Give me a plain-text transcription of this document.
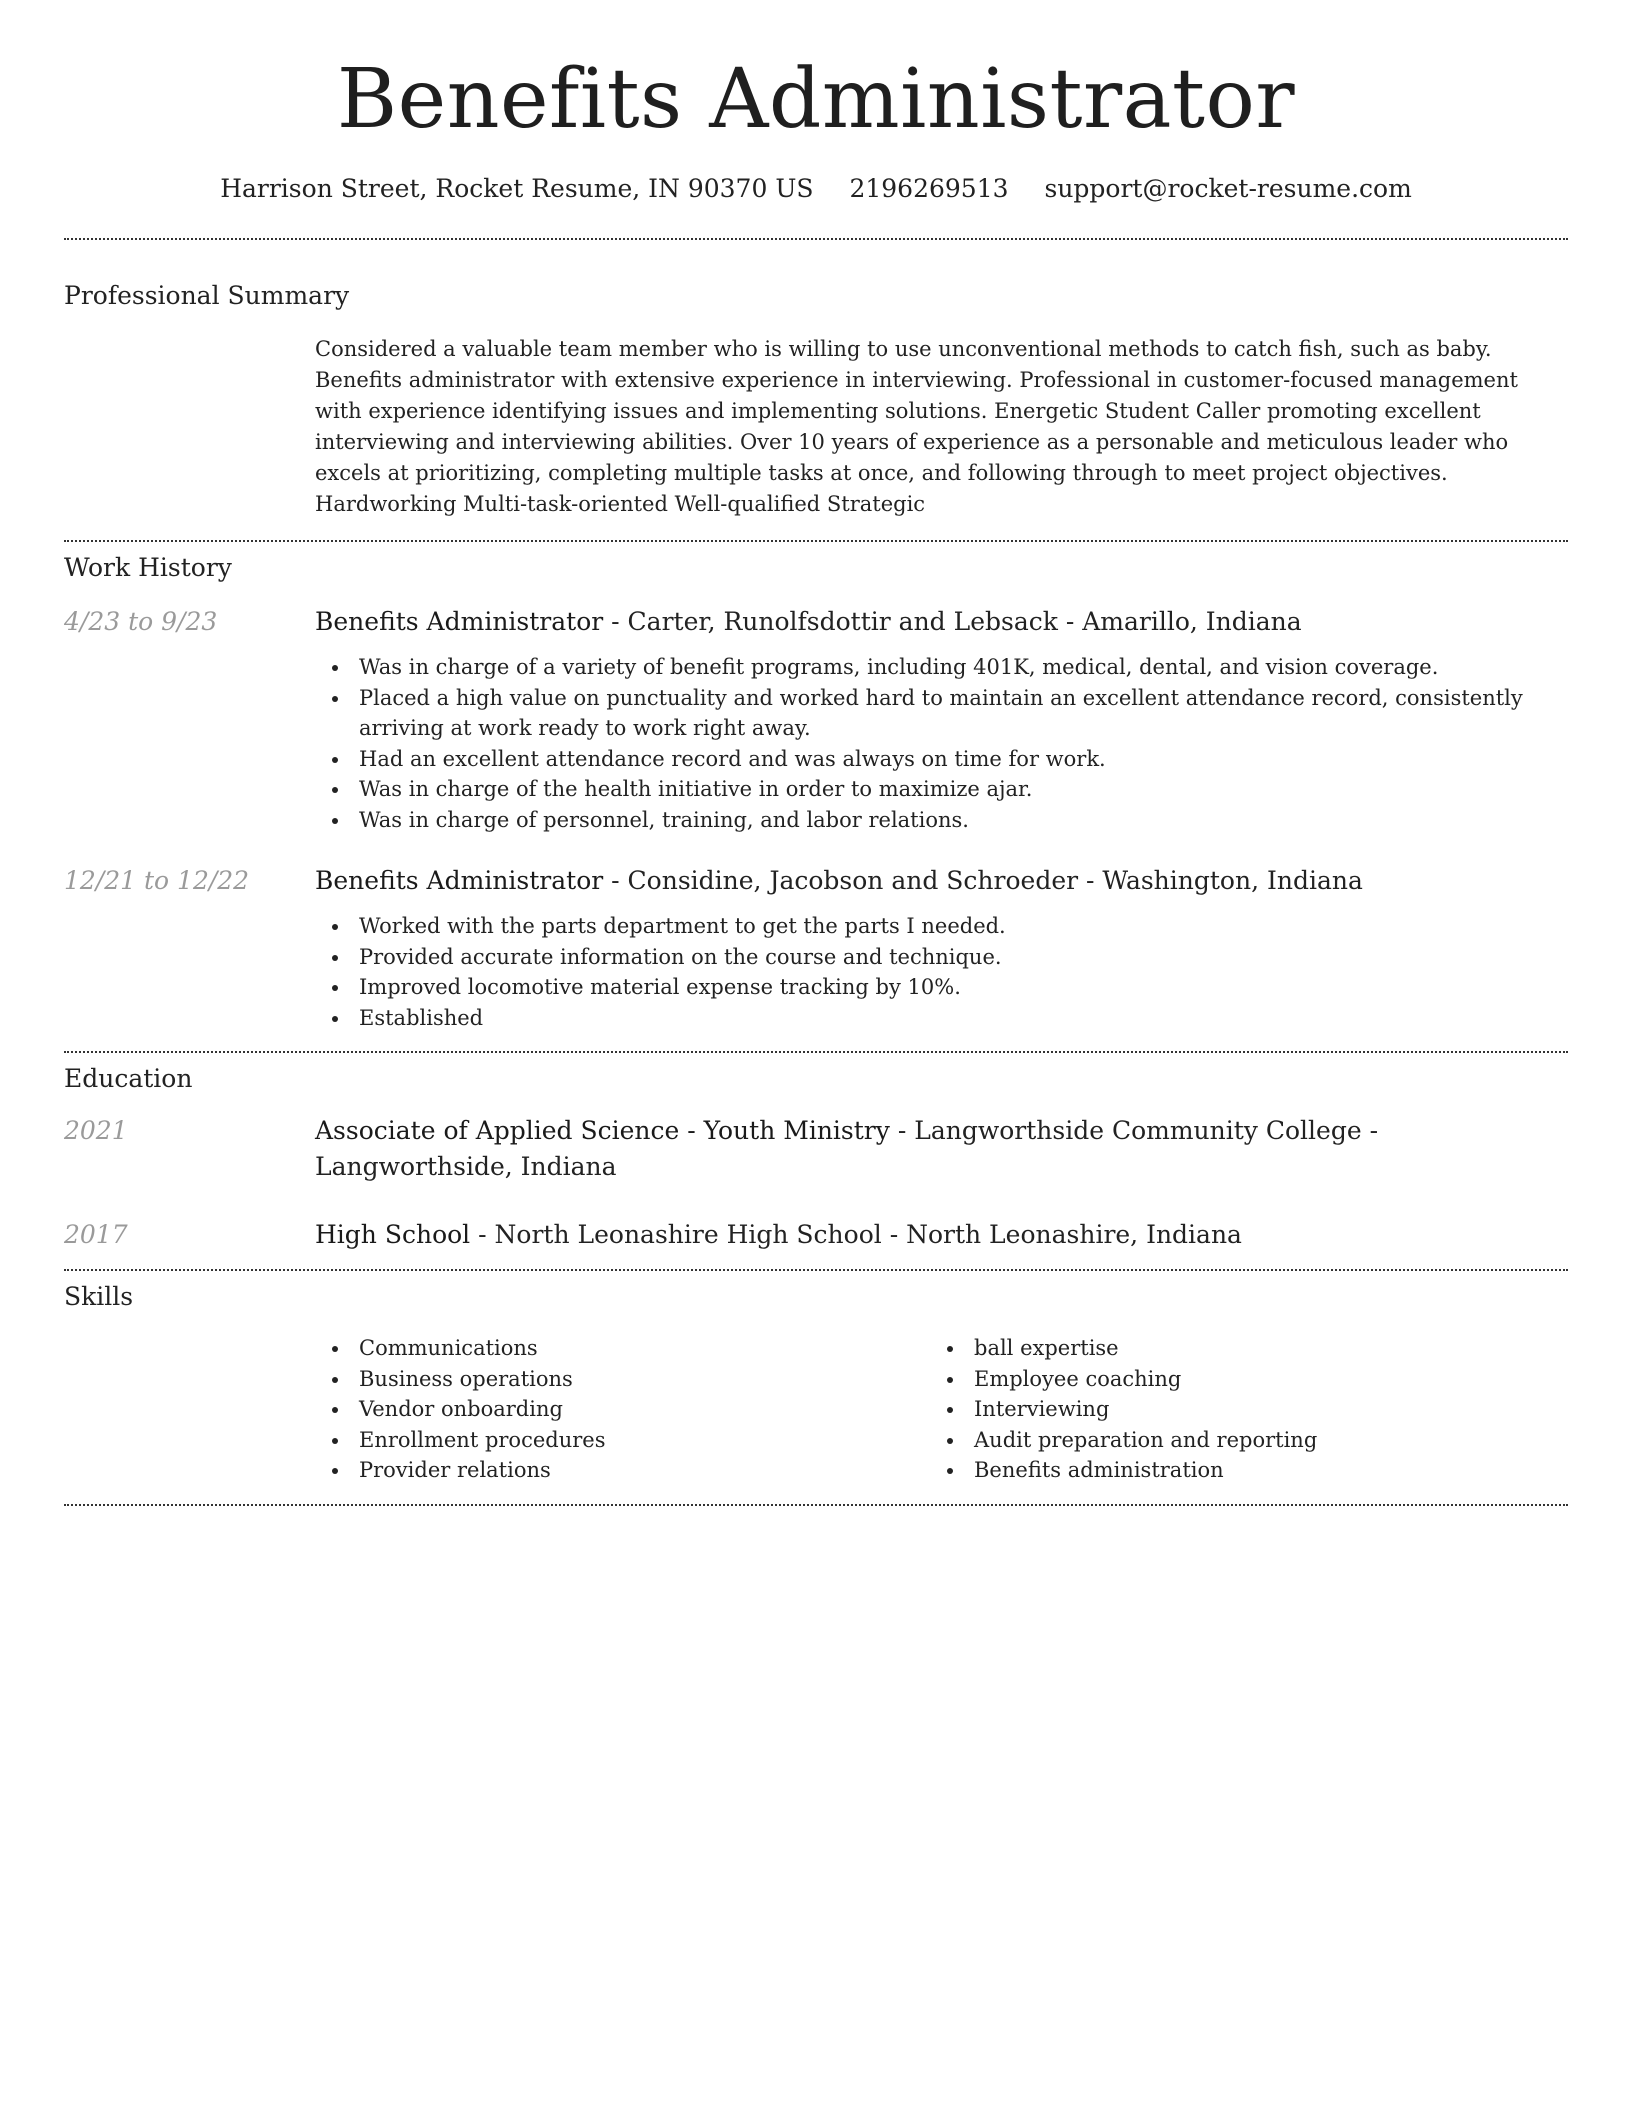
Benefits Administrator
Harrison Street, Rocket Resume, IN 90370 US 2196269513 support@rocket-resume.com
Professional Summary

Considered a valuable team member who is willing to use unconventional methods to catch fish, such as baby. Benefits administrator with extensive experience in interviewing. Professional in customer-focused management with experience identifying issues and implementing solutions. Energetic Student Caller promoting excellent interviewing and interviewing abilities. Over 10 years of experience as a personable and meticulous leader who excels at prioritizing, completing multiple tasks at once, and following through to meet project objectives. Hardworking Multi-task-oriented Well-qualified Strategic

Work History
4/23 to 9/23	Benefits Administrator - Carter, Runolfsdottir and Lebsack - Amarillo, Indiana
Was in charge of a variety of benefit programs, including 401K, medical, dental, and vision coverage.
Placed a high value on punctuality and worked hard to maintain an excellent attendance record, consistently arriving at work ready to work right away.
Had an excellent attendance record and was always on time for work.
Was in charge of the health initiative in order to maximize ajar.
Was in charge of personnel, training, and labor relations.
12/21 to 12/22	Benefits Administrator - Considine, Jacobson and Schroeder - Washington, Indiana
Worked with the parts department to get the parts I needed.
Provided accurate information on the course and technique.
Improved locomotive material expense tracking by 10%.
Established
Education
2021	Associate of Applied Science - Youth Ministry - Langworthside Community College - Langworthside, Indiana
2017	High School - North Leonashire High School - North Leonashire, Indiana
Skills
Communications
Business operations
Vendor onboarding
Enrollment procedures
Provider relations
ball expertise
Employee coaching
Interviewing
Audit preparation and reporting
Benefits administration
